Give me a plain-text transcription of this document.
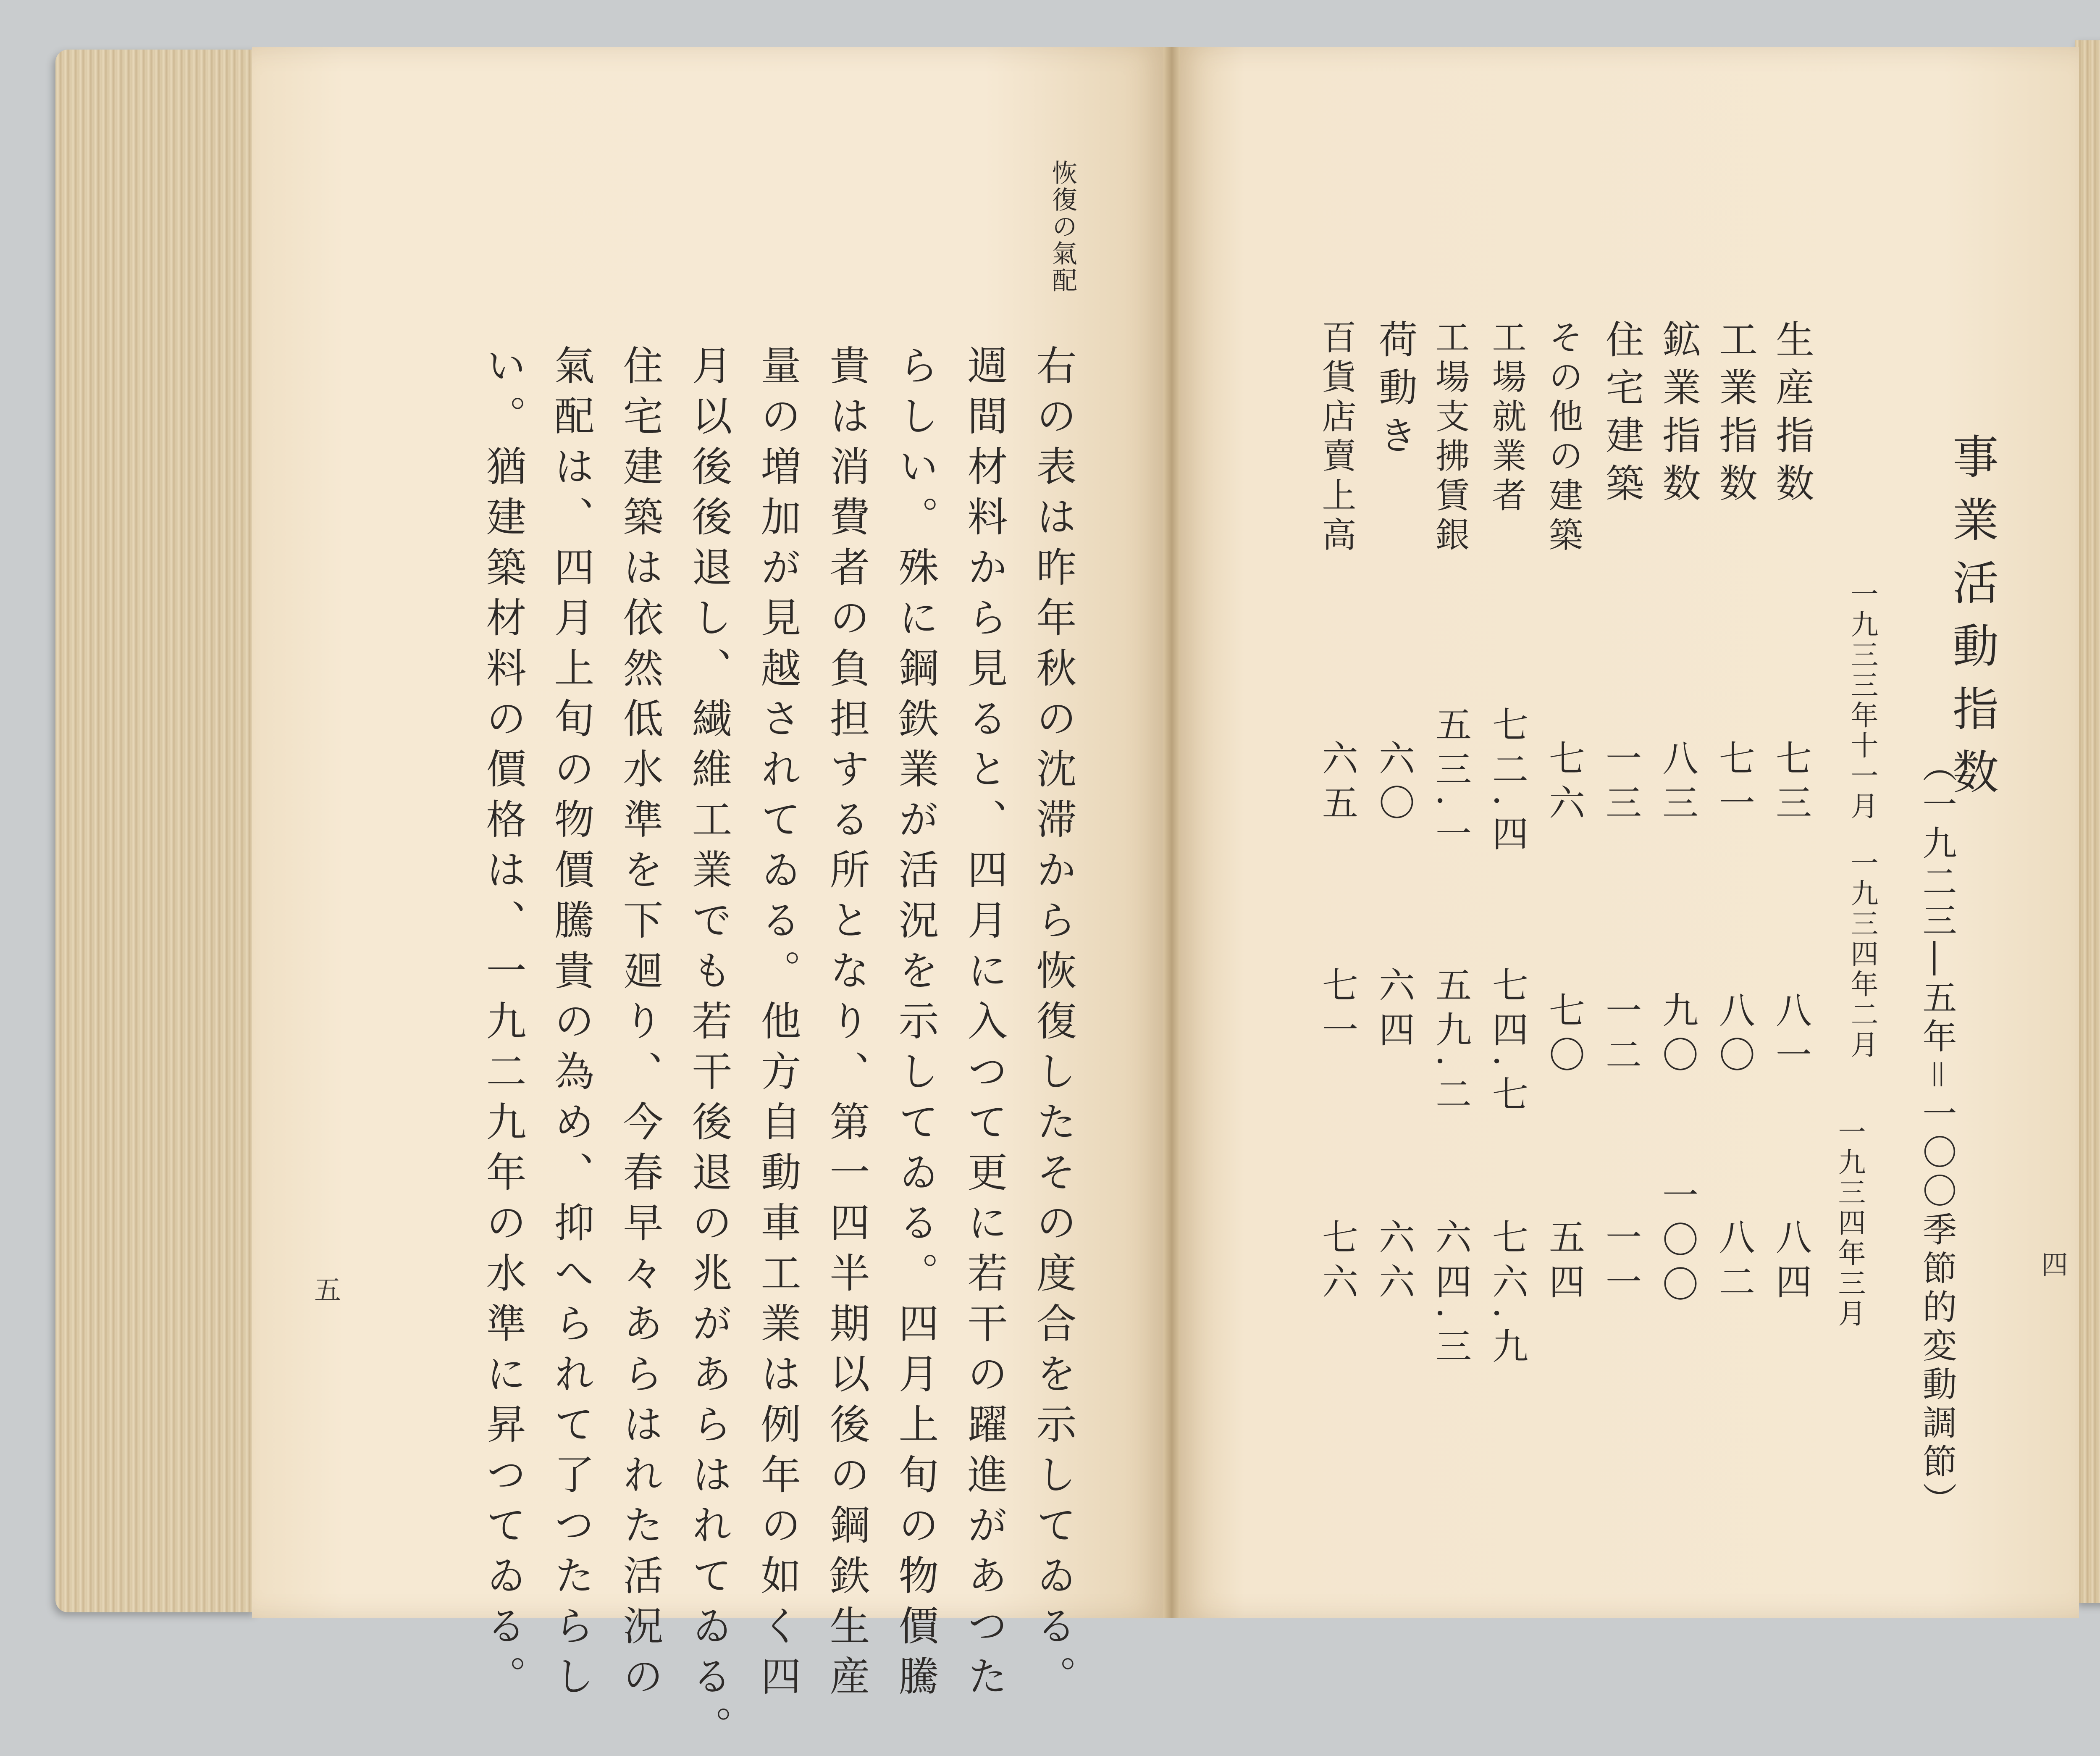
恢復の氣配
右の表は昨年秋の沈滞から恢復したその度合を示してゐる。
週間材料から見ると、四月に入つて更に若干の躍進があつた
らしい。殊に鋼鉄業が活況を示してゐる。四月上旬の物價騰
貴は消費者の負担する所となり、第一四半期以後の鋼鉄生産
量の増加が見越されてゐる。他方自動車工業は例年の如く四
月以後後退し、繊維工業でも若干後退の兆があらはれてゐる。
住宅建築は依然低水準を下廻り、今春早々あらはれた活況の
氣配は、四月上旬の物價騰貴の為め、抑へられて了つたらし
い。猶建築材料の價格は、一九二九年の水準に昇つてゐる。
五
事業活動指数
（一九二三―五年＝一〇〇季節的変動調節）
一九三三年十一月
一九三四年二月
一九三四年三月
生産指数
工業指数
鉱業指数
住宅建築
その他の建築
工場就業者
工場支拂賃銀
荷動き
百貨店賣上高
七三
七一
八三
一三
七六
七二.四
五三.一
六〇
六五
八一
八〇
九〇
一二
七〇
七四.七
五九.二
六四
七一
八四
八二
一〇〇
一一
五四
七六.九
六四.三
六六
七六	四
